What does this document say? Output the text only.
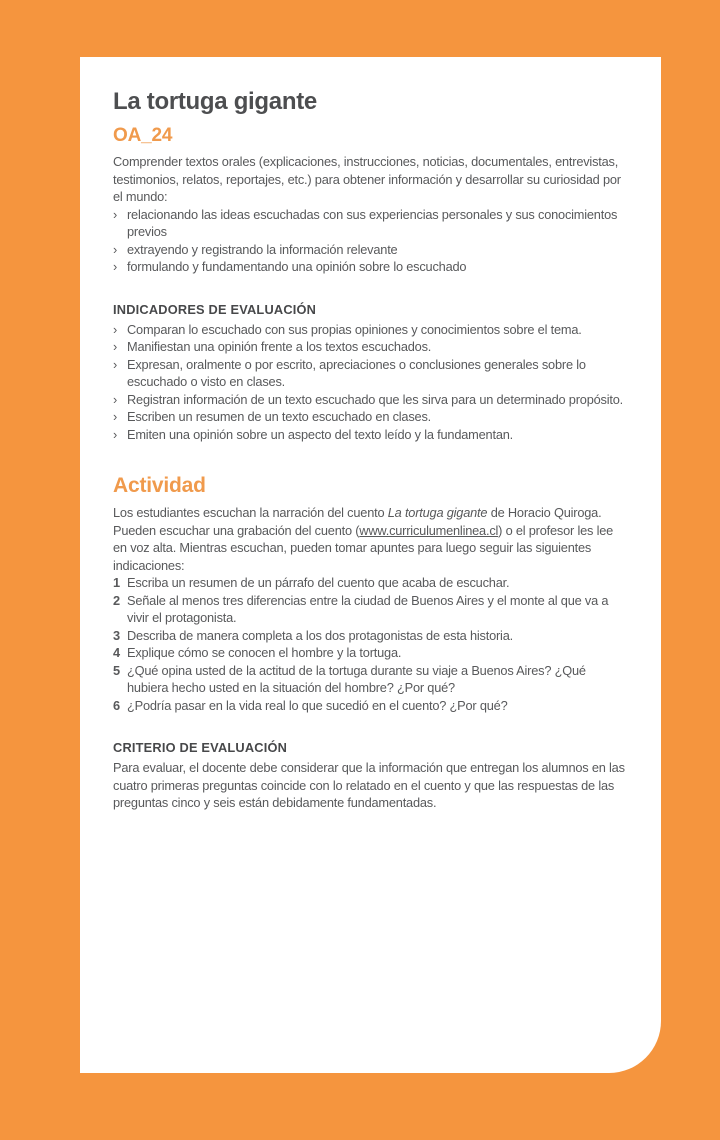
La tortuga gigante
OA_24

Comprender textos orales (explicaciones, instrucciones, noticias, documentales, entrevistas, testimonios, relatos, reportajes, etc.) para obtener información y desarrollar su curiosidad por el mundo:

› relacionando las ideas escuchadas con sus experiencias personales y sus conocimientos previos
› extrayendo y registrando la información relevante
› formulando y fundamentando una opinión sobre lo escuchado
INDICADORES DE EVALUACIÓN
› Comparan lo escuchado con sus propias opiniones y conocimientos sobre el tema.
› Manifiestan una opinión frente a los textos escuchados.
› Expresan, oralmente o por escrito, apreciaciones o conclusiones generales sobre lo escuchado o visto en clases.
› Registran información de un texto escuchado que les sirva para un determinado propósito.
› Escriben un resumen de un texto escuchado en clases.
› Emiten una opinión sobre un aspecto del texto leído y la fundamentan.
Actividad

Los estudiantes escuchan la narración del cuento La tortuga gigante de Horacio Quiroga. Pueden escuchar una grabación del cuento (www.curriculumenlinea.cl) o el profesor les lee en voz alta. Mientras escuchan, pueden tomar apuntes para luego seguir las siguientes indicaciones:

1 Escriba un resumen de un párrafo del cuento que acaba de escuchar.
2 Señale al menos tres diferencias entre la ciudad de Buenos Aires y el monte al que va a vivir el protagonista.
3 Describa de manera completa a los dos protagonistas de esta historia.
4 Explique cómo se conocen el hombre y la tortuga.
5 ¿Qué opina usted de la actitud de la tortuga durante su viaje a Buenos Aires? ¿Qué hubiera hecho usted en la situación del hombre? ¿Por qué?
6 ¿Podría pasar en la vida real lo que sucedió en el cuento? ¿Por qué?
CRITERIO DE EVALUACIÓN

Para evaluar, el docente debe considerar que la información que entregan los alumnos en las cuatro primeras preguntas coincide con lo relatado en el cuento y que las respuestas de las preguntas cinco y seis están debidamente fundamentadas.
